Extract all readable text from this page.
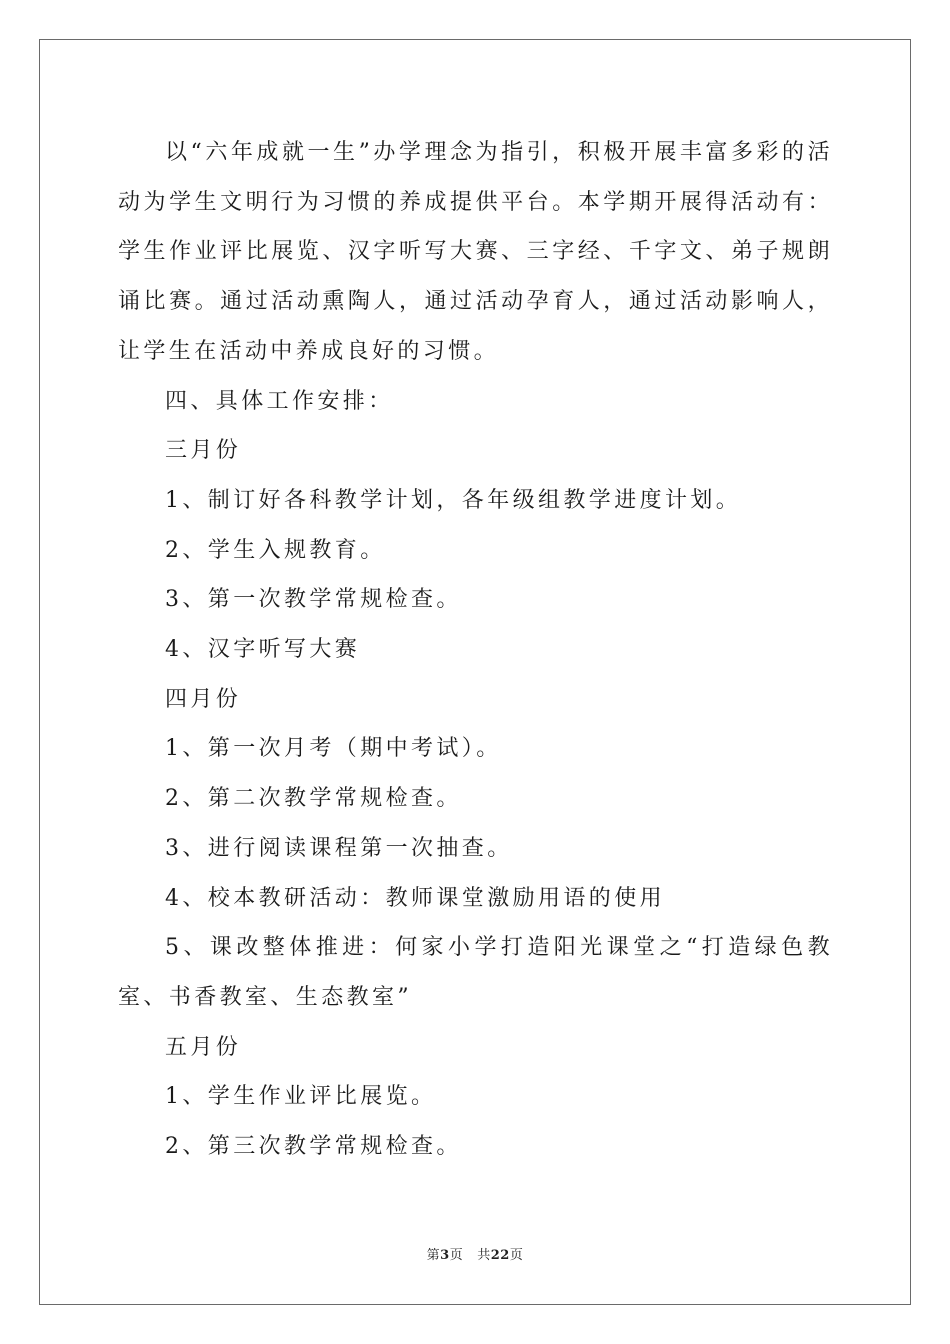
以“六年成就一生”办学理念为指引，积极开展丰富多彩的活动为学生文明行为习惯的养成提供平台。本学期开展得活动有：学生作业评比展览、汉字听写大赛、三字经、千字文、弟子规朗诵比赛。通过活动熏陶人，通过活动孕育人，通过活动影响人，让学生在活动中养成良好的习惯。

四、具体工作安排：

三月份

1、制订好各科教学计划，各年级组教学进度计划。

2、学生入规教育。

3、第一次教学常规检查。

4、汉字听写大赛

四月份

1、第一次月考（期中考试）。

2、第二次教学常规检查。

3、进行阅读课程第一次抽查。

4、校本教研活动：教师课堂激励用语的使用

5、课改整体推进：何家小学打造阳光课堂之“打造绿色教室、书香教室、生态教室”

五月份

1、学生作业评比展览。

2、第三次教学常规检查。

第3页 共22页
